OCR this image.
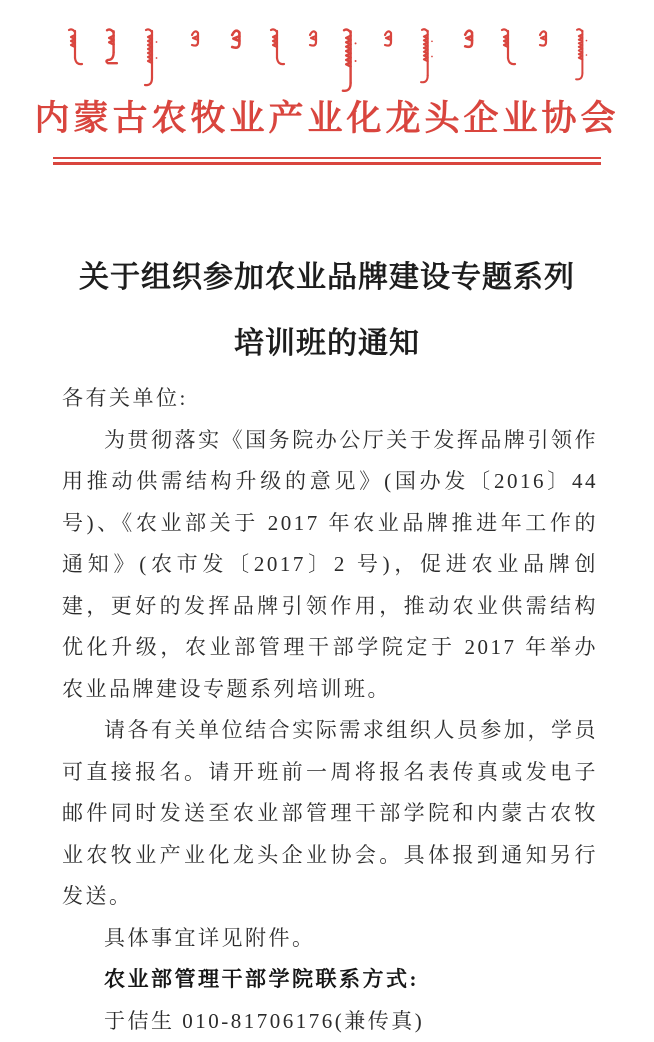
内蒙古农牧业产业化龙头企业协会
关于组织参加农业品牌建设专题系列
培训班的通知

各有关单位:

为贯彻落实《国务院办公厅关于发挥品牌引领作用推动供需结构升级的意见》(国办发〔2016〕44 号)、《农业部关于 2017 年农业品牌推进年工作的通知》(农市发〔2017〕2 号)，促进农业品牌创建，更好的发挥品牌引领作用，推动农业供需结构优化升级，农业部管理干部学院定于 2017 年举办农业品牌建设专题系列培训班。

请各有关单位结合实际需求组织人员参加，学员可直接报名。请开班前一周将报名表传真或发电子邮件同时发送至农业部管理干部学院和内蒙古农牧业农牧业产业化龙头企业协会。具体报到通知另行发送。

具体事宜详见附件。

农业部管理干部学院联系方式:

于佶生 010-81706176(兼传真)
